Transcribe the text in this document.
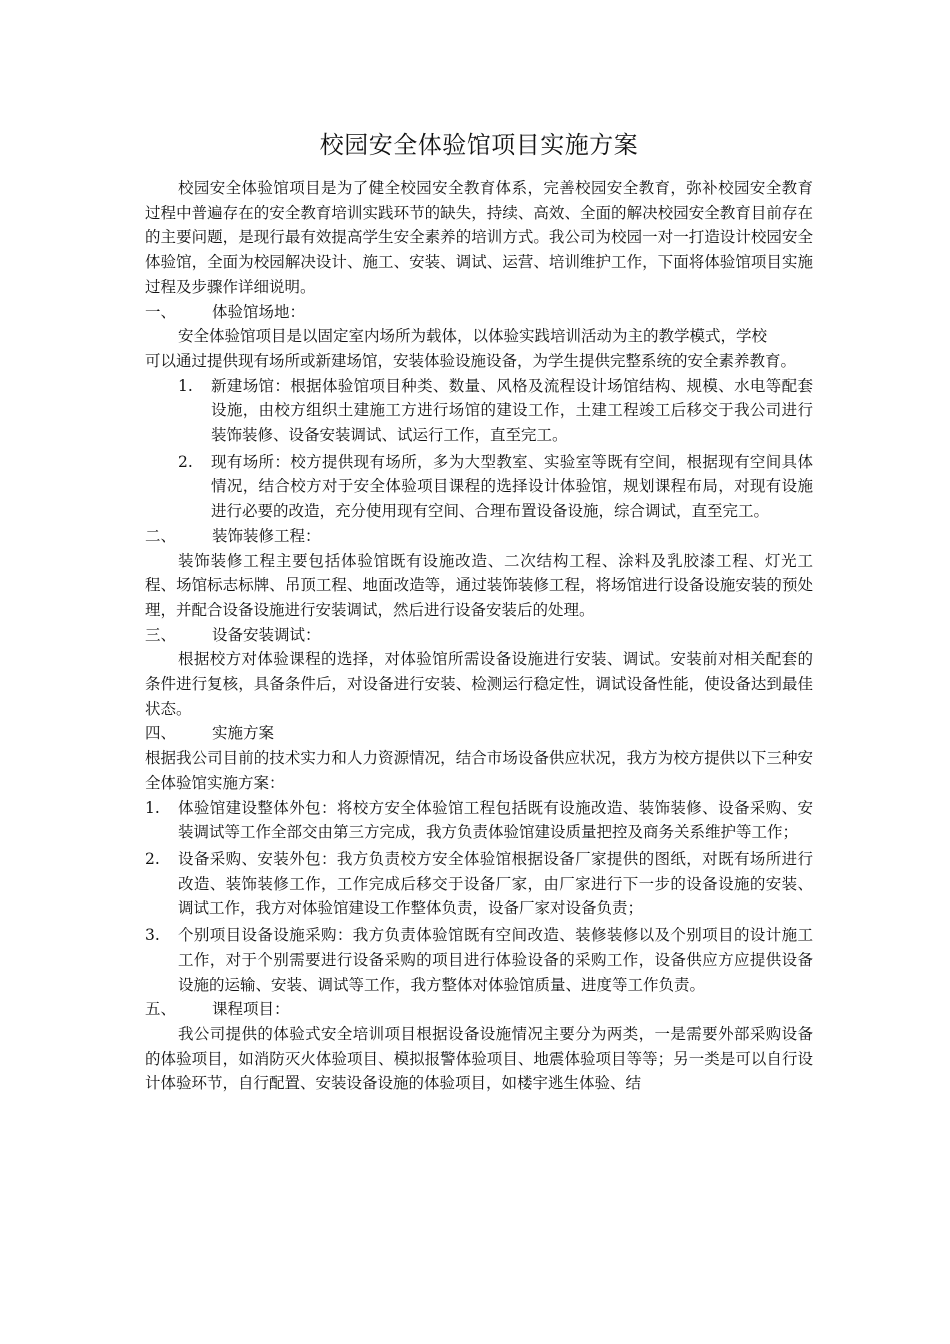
校园安全体验馆项目实施方案

校园安全体验馆项目是为了健全校园安全教育体系，完善校园安全教育，弥补校园安全教育过程中普遍存在的安全教育培训实践环节的缺失，持续、高效、全面的解决校园安全教育目前存在的主要问题，是现行最有效提高学生安全素养的培训方式。我公司为校园一对一打造设计校园安全体验馆，全面为校园解决设计、施工、安装、调试、运营、培训维护工作，下面将体验馆项目实施过程及步骤作详细说明。

一、	体验馆场地：

安全体验馆项目是以固定室内场所为载体，以体验实践培训活动为主的教学模式，学校

可以通过提供现有场所或新建场馆，安装体验设施设备，为学生提供完整系统的安全素养教育。

1.	新建场馆：根据体验馆项目种类、数量、风格及流程设计场馆结构、规模、水电等配套设施，由校方组织土建施工方进行场馆的建设工作，土建工程竣工后移交于我公司进行装饰装修、设备安装调试、试运行工作，直至完工。
2.	现有场所：校方提供现有场所，多为大型教室、实验室等既有空间，根据现有空间具体情况，结合校方对于安全体验项目课程的选择设计体验馆，规划课程布局，对现有设施进行必要的改造，充分使用现有空间、合理布置设备设施，综合调试，直至完工。
二、	装饰装修工程：

装饰装修工程主要包括体验馆既有设施改造、二次结构工程、涂料及乳胶漆工程、灯光工程、场馆标志标牌、吊顶工程、地面改造等，通过装饰装修工程，将场馆进行设备设施安装的预处理，并配合设备设施进行安装调试，然后进行设备安装后的处理。

三、	设备安装调试：

根据校方对体验课程的选择，对体验馆所需设备设施进行安装、调试。安装前对相关配套的条件进行复核，具备条件后，对设备进行安装、检测运行稳定性，调试设备性能，使设备达到最佳状态。

四、	实施方案

根据我公司目前的技术实力和人力资源情况，结合市场设备供应状况，我方为校方提供以下三种安全体验馆实施方案：

1.	体验馆建设整体外包：将校方安全体验馆工程包括既有设施改造、装饰装修、设备采购、安装调试等工作全部交由第三方完成，我方负责体验馆建设质量把控及商务关系维护等工作；
2.	设备采购、安装外包：我方负责校方安全体验馆根据设备厂家提供的图纸，对既有场所进行改造、装饰装修工作，工作完成后移交于设备厂家，由厂家进行下一步的设备设施的安装、调试工作，我方对体验馆建设工作整体负责，设备厂家对设备负责；
3.	个别项目设备设施采购：我方负责体验馆既有空间改造、装修装修以及个别项目的设计施工工作，对于个别需要进行设备采购的项目进行体验设备的采购工作，设备供应方应提供设备设施的运输、安装、调试等工作，我方整体对体验馆质量、进度等工作负责。
五、	课程项目：

我公司提供的体验式安全培训项目根据设备设施情况主要分为两类，一是需要外部采购设备的体验项目，如消防灭火体验项目、模拟报警体验项目、地震体验项目等等；另一类是可以自行设计体验环节，自行配置、安装设备设施的体验项目，如楼宇逃生体验、结
